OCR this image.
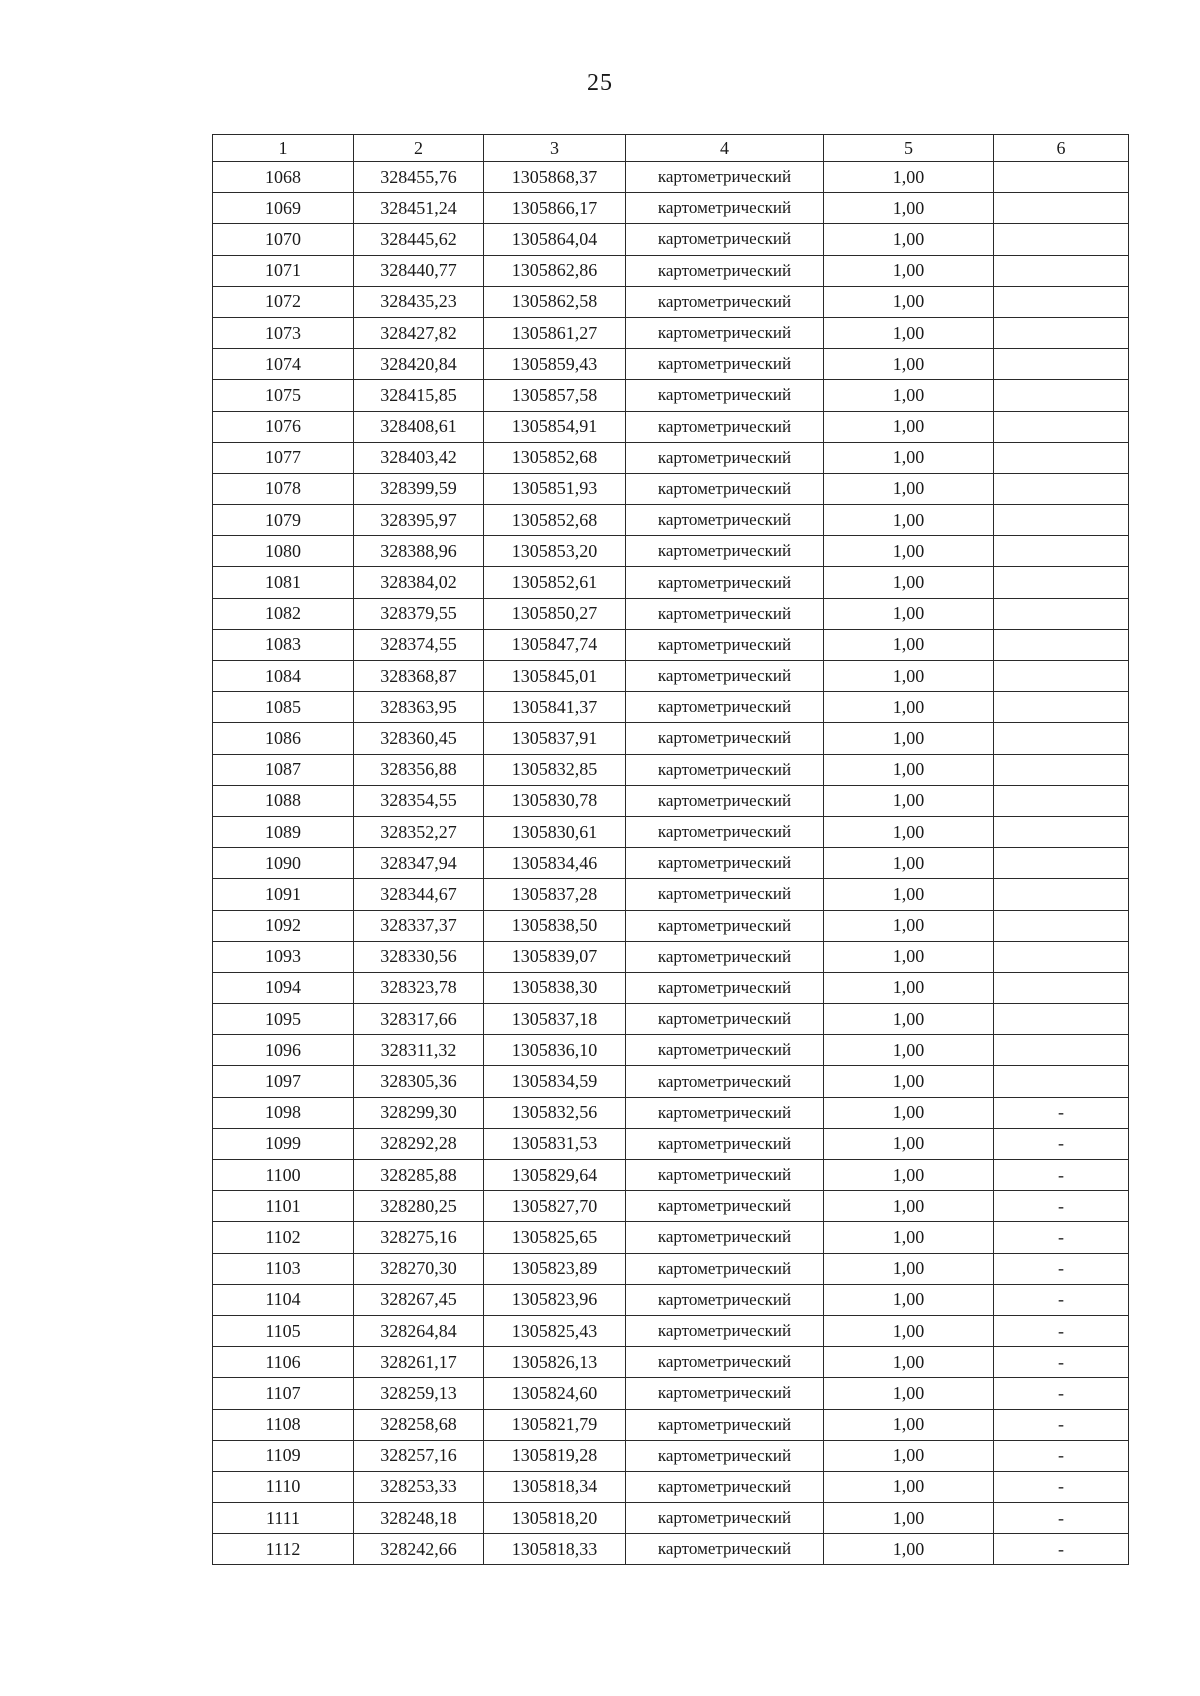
25
1	2	3	4	5	6
1068	328455,76	1305868,37	картометрический	1,00	
1069	328451,24	1305866,17	картометрический	1,00	
1070	328445,62	1305864,04	картометрический	1,00	
1071	328440,77	1305862,86	картометрический	1,00	
1072	328435,23	1305862,58	картометрический	1,00	
1073	328427,82	1305861,27	картометрический	1,00	
1074	328420,84	1305859,43	картометрический	1,00	
1075	328415,85	1305857,58	картометрический	1,00	
1076	328408,61	1305854,91	картометрический	1,00	
1077	328403,42	1305852,68	картометрический	1,00	
1078	328399,59	1305851,93	картометрический	1,00	
1079	328395,97	1305852,68	картометрический	1,00	
1080	328388,96	1305853,20	картометрический	1,00	
1081	328384,02	1305852,61	картометрический	1,00	
1082	328379,55	1305850,27	картометрический	1,00	
1083	328374,55	1305847,74	картометрический	1,00	
1084	328368,87	1305845,01	картометрический	1,00	
1085	328363,95	1305841,37	картометрический	1,00	
1086	328360,45	1305837,91	картометрический	1,00	
1087	328356,88	1305832,85	картометрический	1,00	
1088	328354,55	1305830,78	картометрический	1,00	
1089	328352,27	1305830,61	картометрический	1,00	
1090	328347,94	1305834,46	картометрический	1,00	
1091	328344,67	1305837,28	картометрический	1,00	
1092	328337,37	1305838,50	картометрический	1,00	
1093	328330,56	1305839,07	картометрический	1,00	
1094	328323,78	1305838,30	картометрический	1,00	
1095	328317,66	1305837,18	картометрический	1,00	
1096	328311,32	1305836,10	картометрический	1,00	
1097	328305,36	1305834,59	картометрический	1,00	
1098	328299,30	1305832,56	картометрический	1,00	-
1099	328292,28	1305831,53	картометрический	1,00	-
1100	328285,88	1305829,64	картометрический	1,00	-
1101	328280,25	1305827,70	картометрический	1,00	-
1102	328275,16	1305825,65	картометрический	1,00	-
1103	328270,30	1305823,89	картометрический	1,00	-
1104	328267,45	1305823,96	картометрический	1,00	-
1105	328264,84	1305825,43	картометрический	1,00	-
1106	328261,17	1305826,13	картометрический	1,00	-
1107	328259,13	1305824,60	картометрический	1,00	-
1108	328258,68	1305821,79	картометрический	1,00	-
1109	328257,16	1305819,28	картометрический	1,00	-
1110	328253,33	1305818,34	картометрический	1,00	-
1111	328248,18	1305818,20	картометрический	1,00	-
1112	328242,66	1305818,33	картометрический	1,00	-
